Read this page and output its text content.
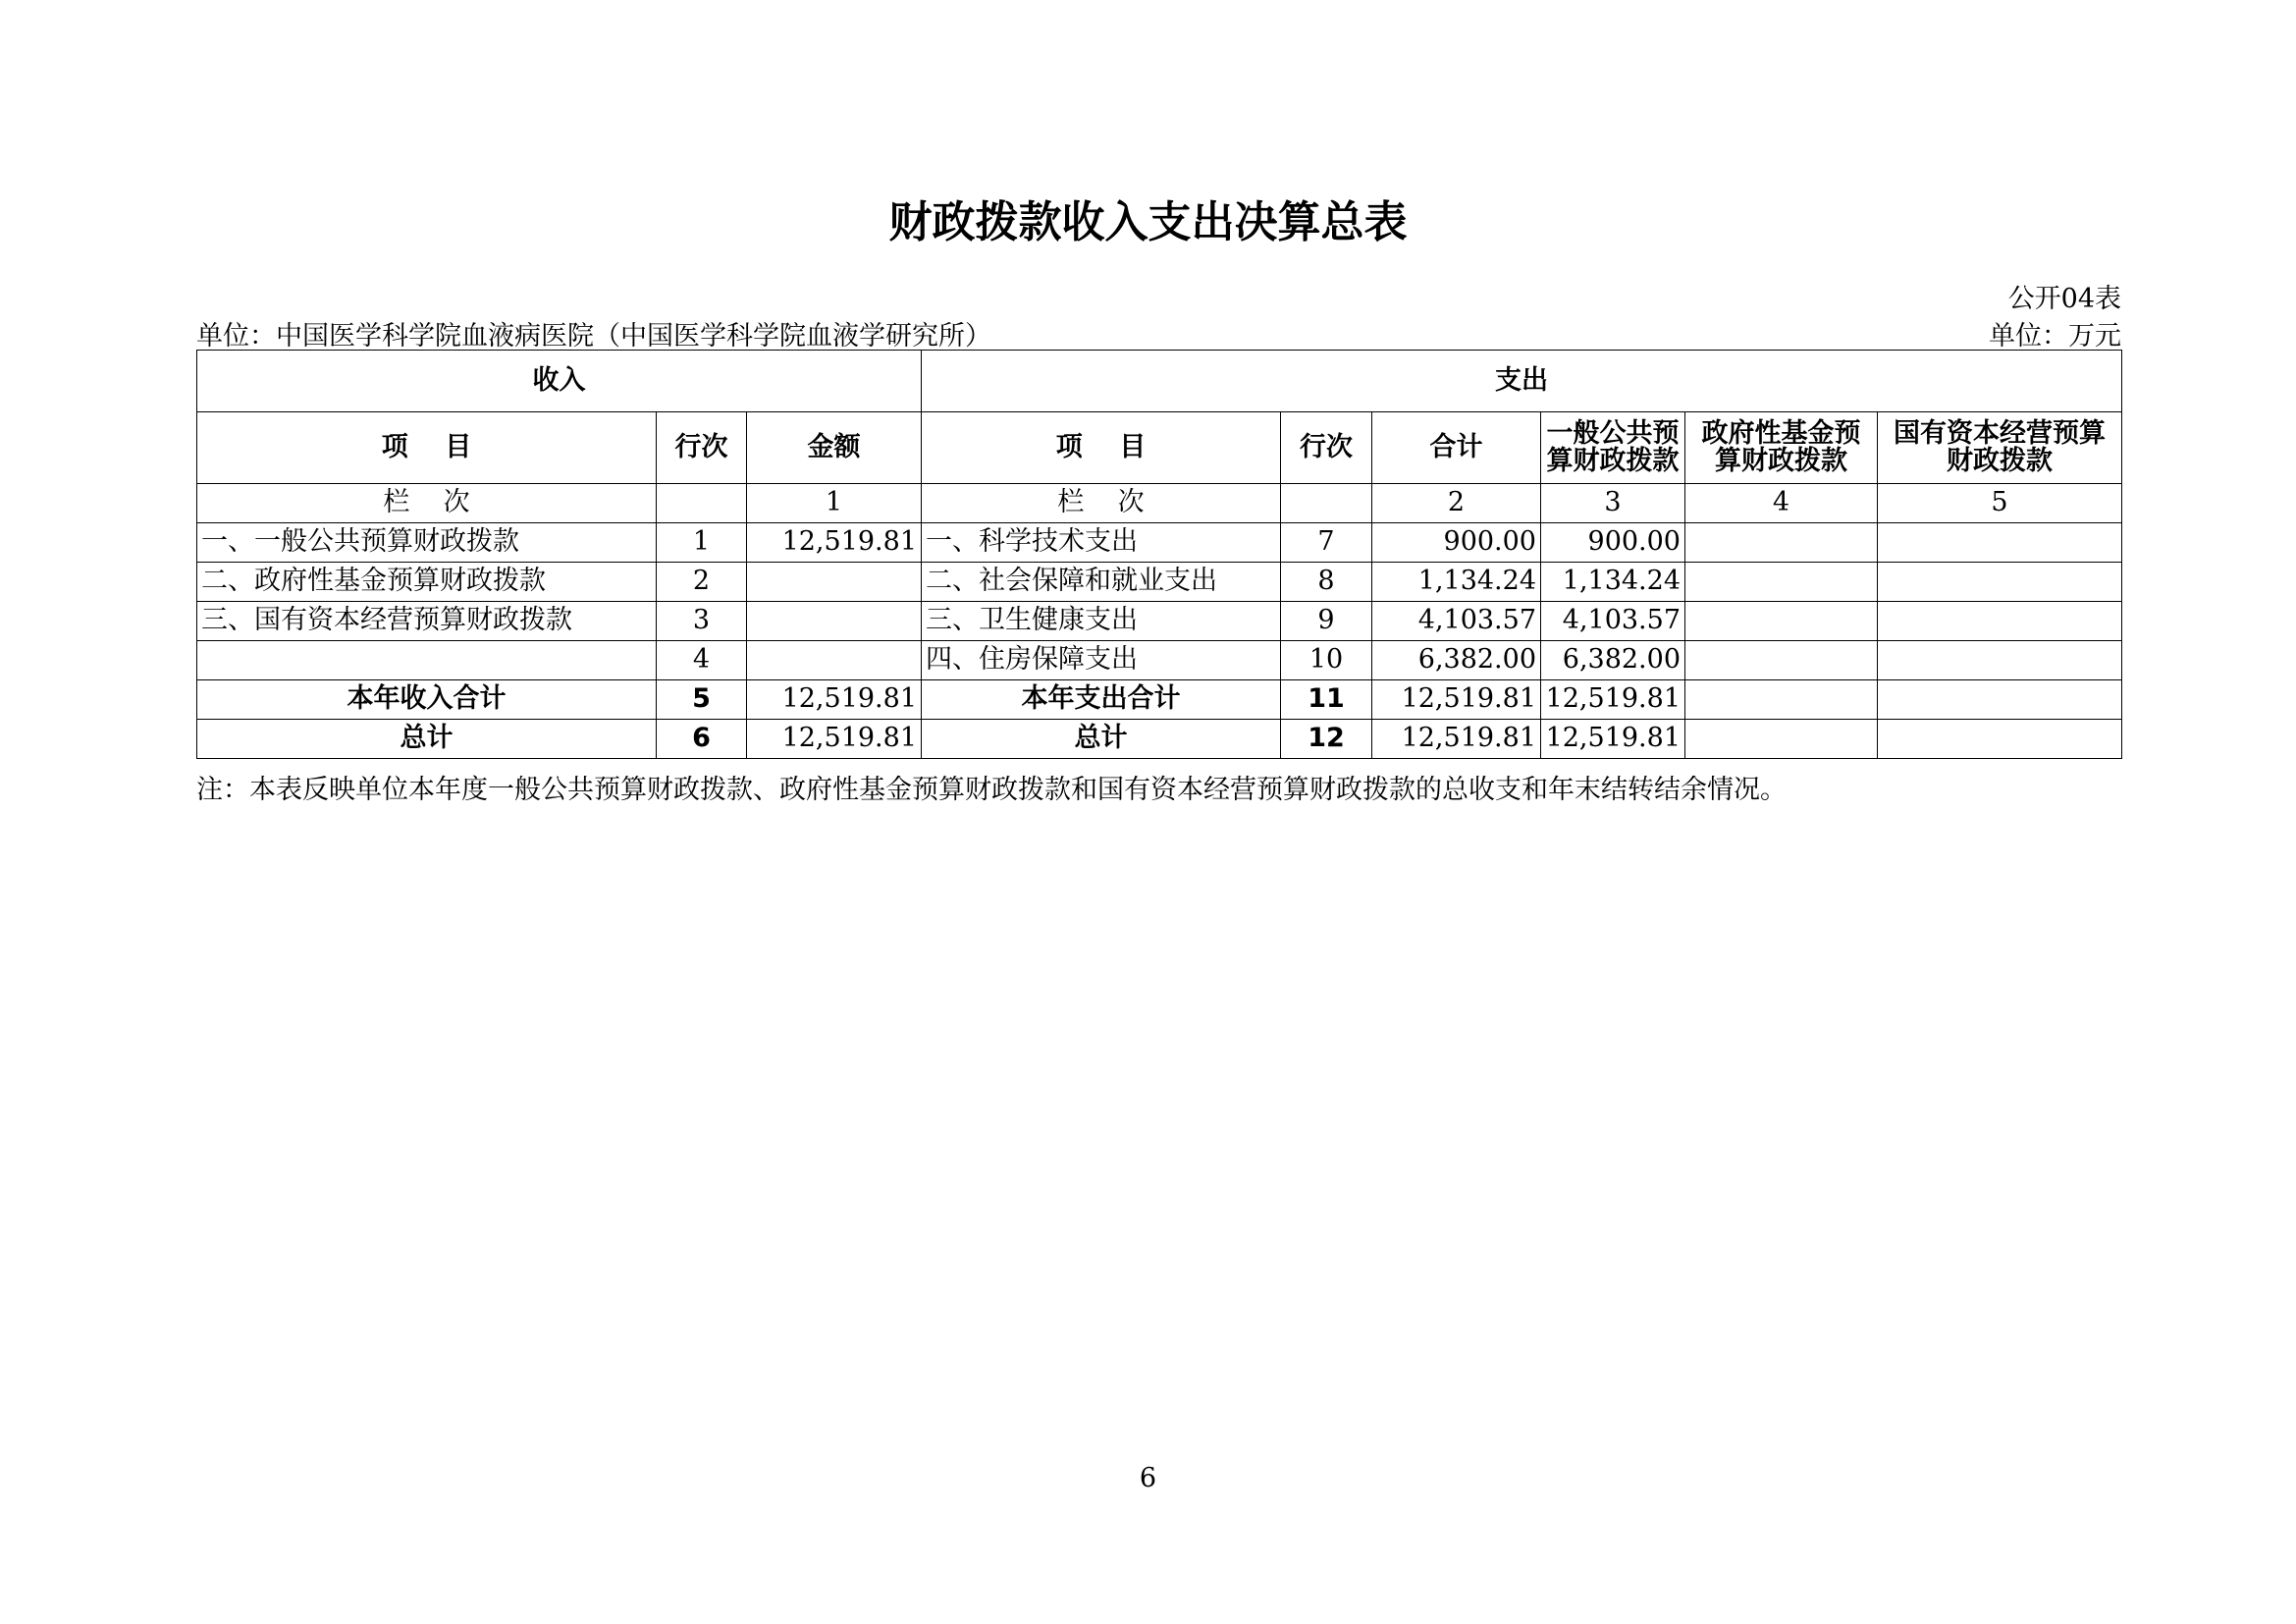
财政拨款收入支出决算总表
公开04表
单位：中国医学科学院血液病医院（中国医学科学院血液学研究所）	单位：万元
收入			支出					
项    目	行次	金额	项    目	行次	合计	一般公共预算财政拨款	政府性基金预算财政拨款	国有资本经营预算财政拨款
栏    次		1	栏    次		2	3	4	5
一、一般公共预算财政拨款	1	12,519.81	一、科学技术支出	7	900.00	900.00		
二、政府性基金预算财政拨款	2		二、社会保障和就业支出	8	1,134.24	1,134.24		
三、国有资本经营预算财政拨款	3		三、卫生健康支出	9	4,103.57	4,103.57		
	4		四、住房保障支出	10	6,382.00	6,382.00		
本年收入合计	5	12,519.81	本年支出合计	11	12,519.81	12,519.81		
总计	6	12,519.81	总计	12	12,519.81	12,519.81		
注：本表反映单位本年度一般公共预算财政拨款、政府性基金预算财政拨款和国有资本经营预算财政拨款的总收支和年末结转结余情况。
6
